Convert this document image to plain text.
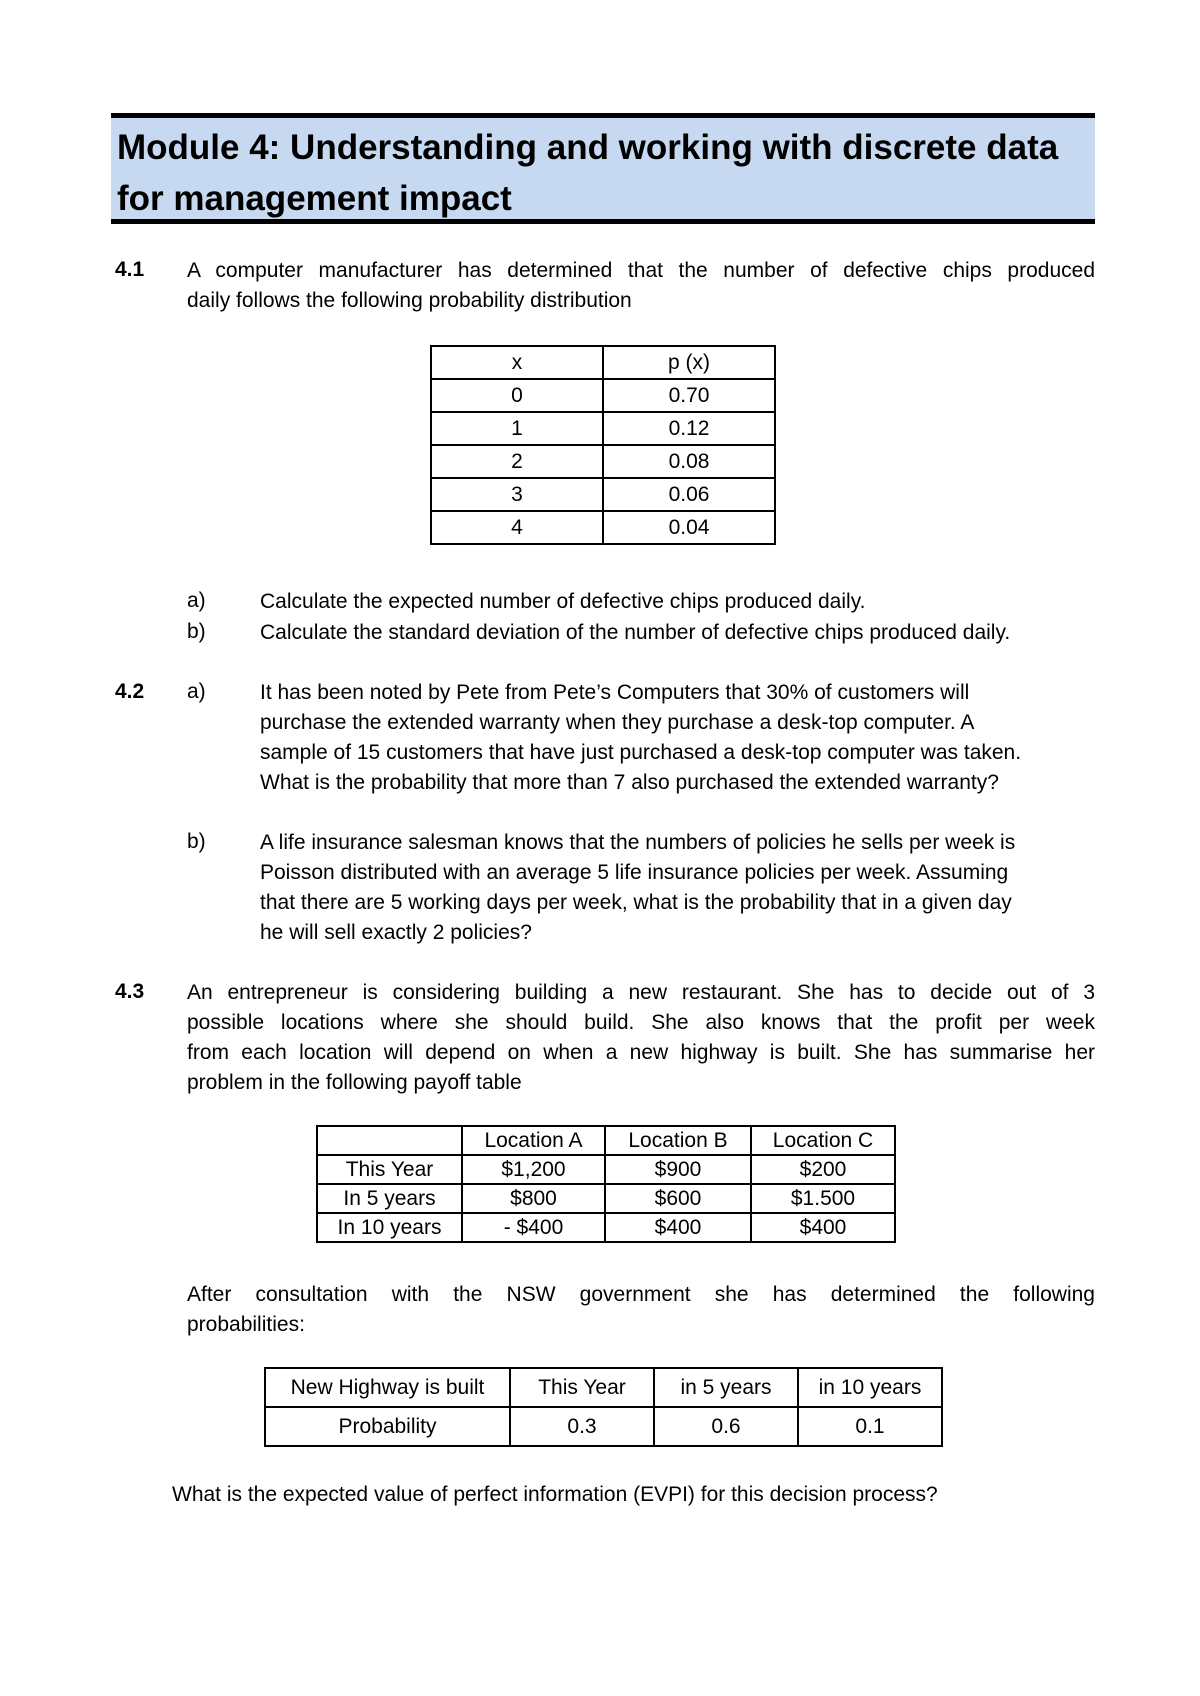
Module 4: Understanding and working with discrete data
for management impact
4.1 A computer manufacturer has determined that the number of defective chips produced
daily follows the following probability distribution
x	p (x)
0	0.70
1	0.12
2	0.08
3	0.06
4	0.04
a)	Calculate the expected number of defective chips produced daily.
b)	Calculate the standard deviation of the number of defective chips produced daily.
4.2 a)	It has been noted by Pete from Pete’s Computers that 30% of customers will
purchase the extended warranty when they purchase a desk-top computer. A
sample of 15 customers that have just purchased a desk-top computer was taken.
What is the probability that more than 7 also purchased the extended warranty?
b)	A life insurance salesman knows that the numbers of policies he sells per week is
Poisson distributed with an average 5 life insurance policies per week. Assuming
that there are 5 working days per week, what is the probability that in a given day
he will sell exactly 2 policies?
4.3 An entrepreneur is considering building a new restaurant. She has to decide out of 3
possible locations where she should build. She also knows that the profit per week
from each location will depend on when a new highway is built. She has summarise her
problem in the following payoff table
	Location A	Location B	Location C
This Year	$1,200	$900	$200
In 5 years	$800	$600	$1.500
In 10 years	- $400	$400	$400
After consultation with the NSW government she has determined the following
probabilities:
New Highway is built	This Year	in 5 years	in 10 years
Probability	0.3	0.6	0.1
What is the expected value of perfect information (EVPI) for this decision process?
